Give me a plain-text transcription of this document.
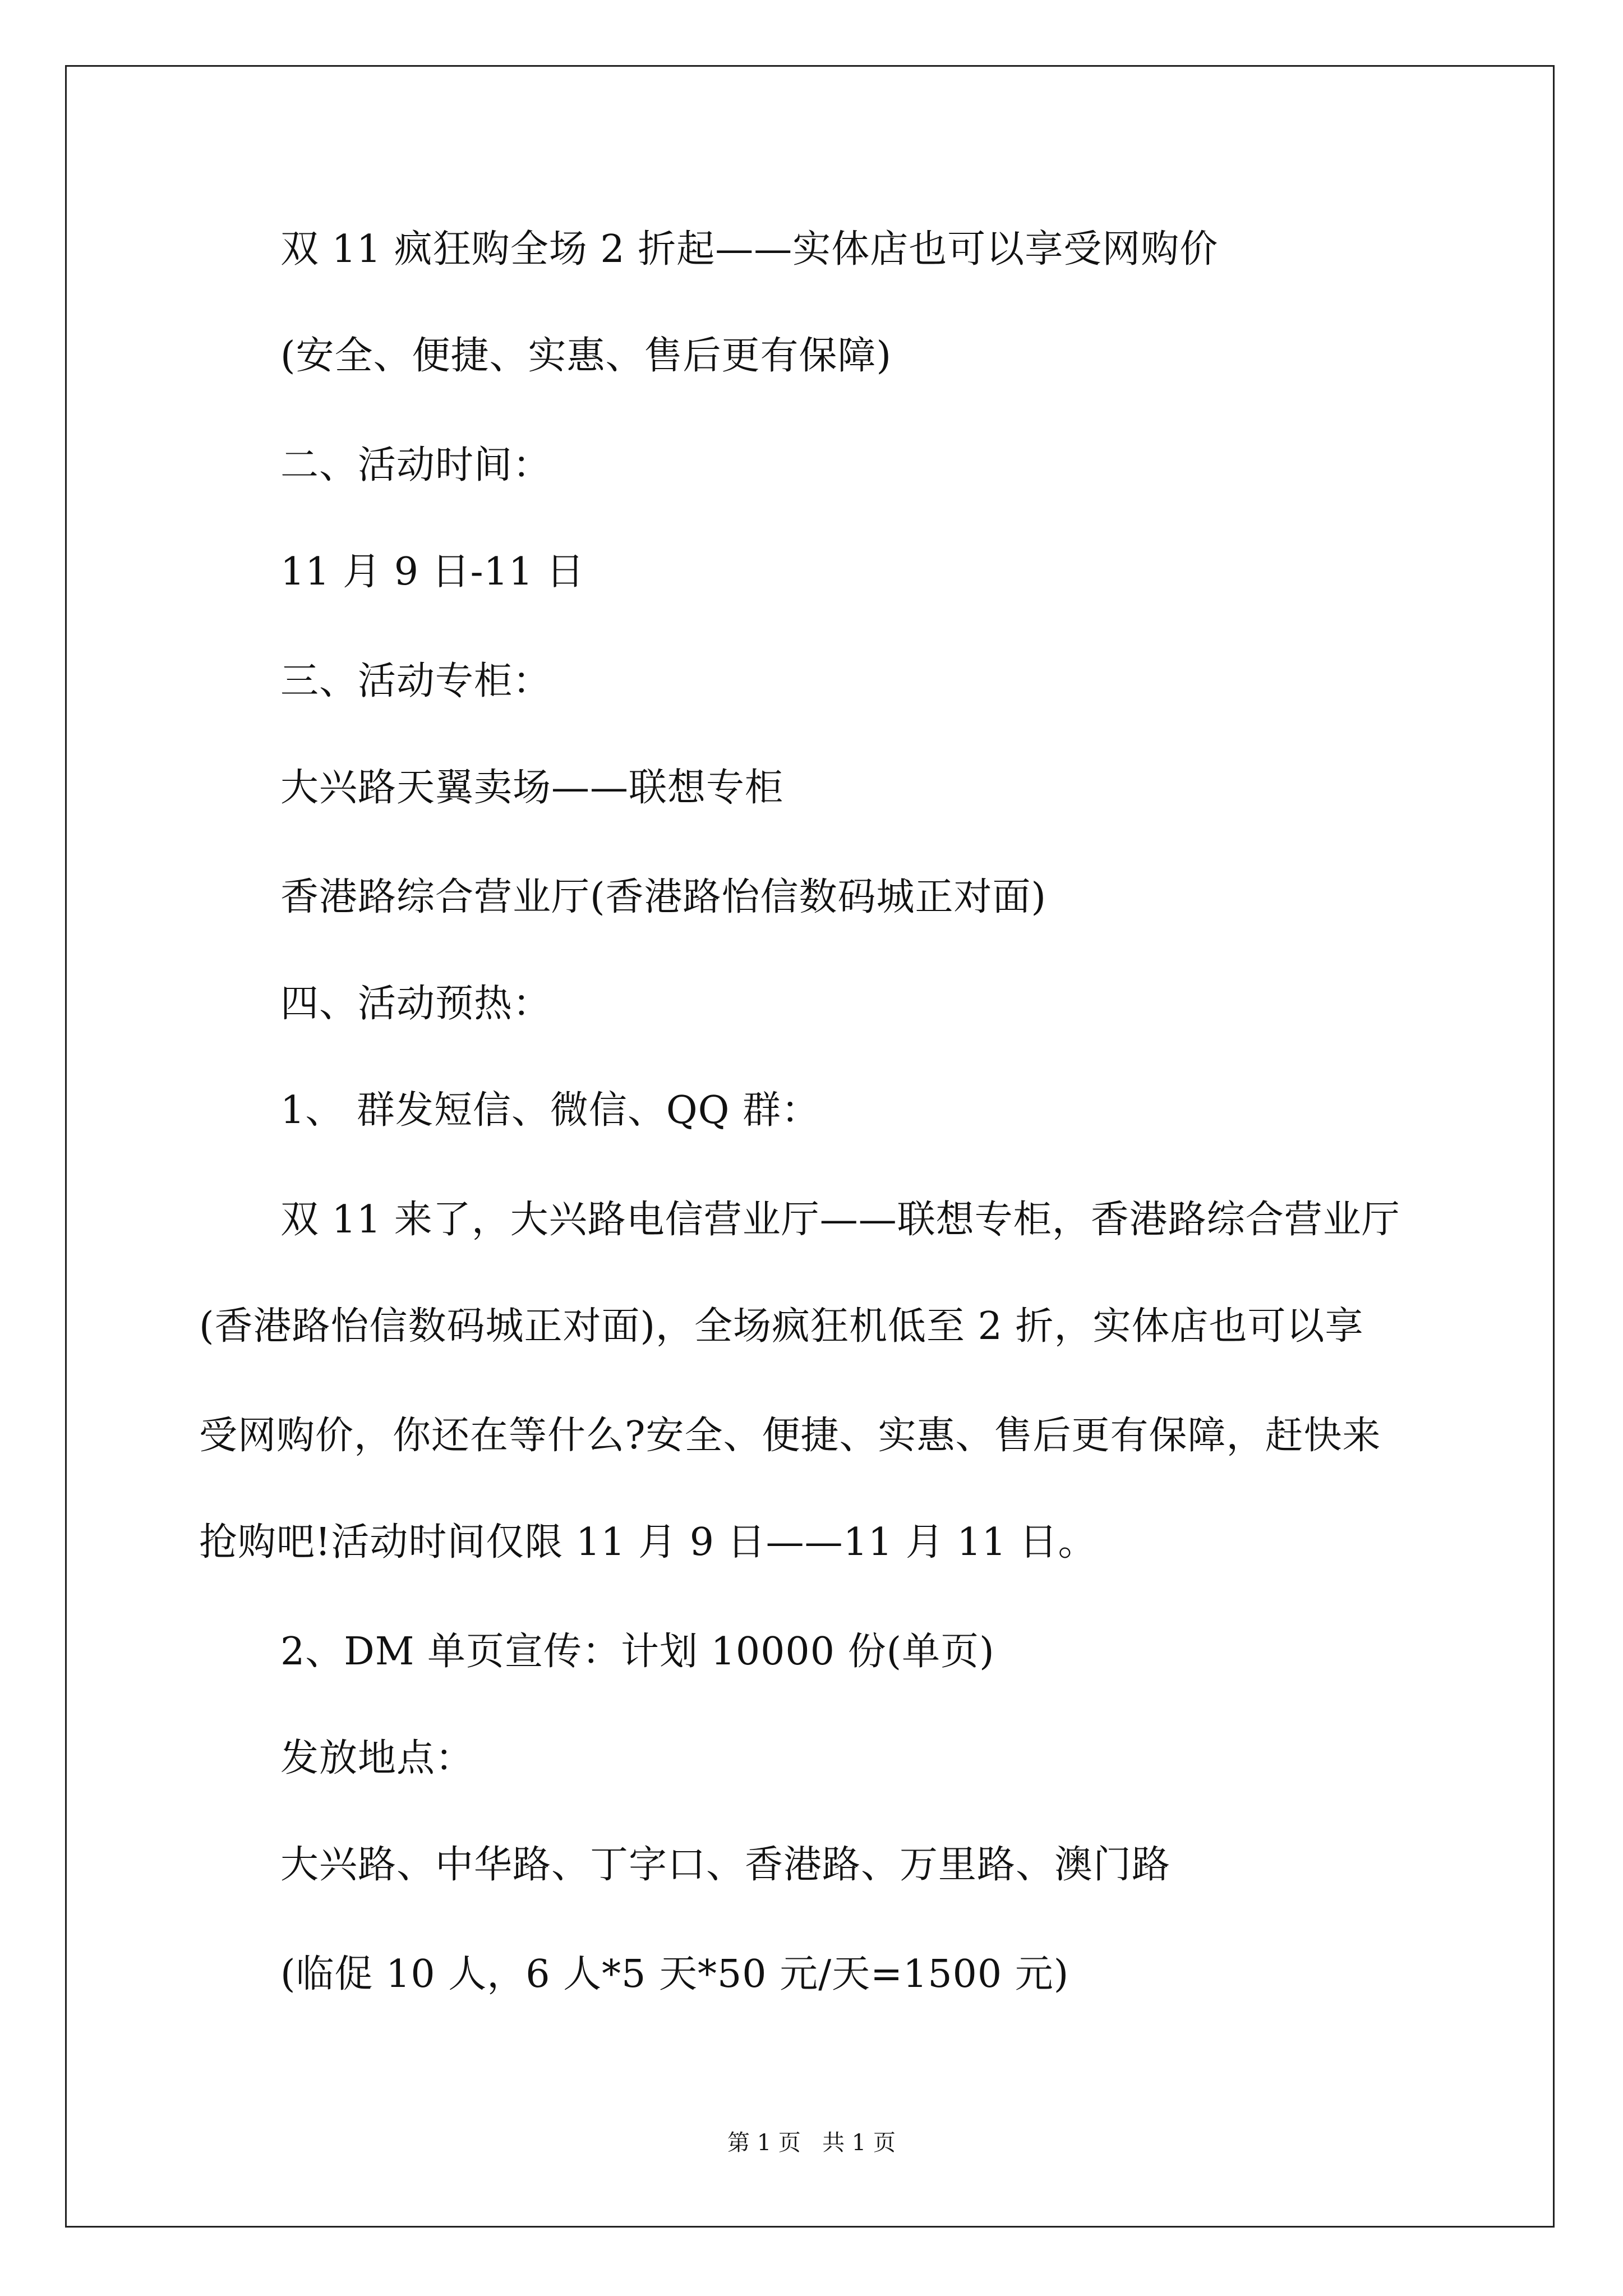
双 11 疯狂购全场 2 折起——实体店也可以享受网购价
(安全、便捷、实惠、售后更有保障)
二、活动时间：
11 月 9 日-11 日
三、活动专柜：
大兴路天翼卖场——联想专柜
香港路综合营业厅(香港路怡信数码城正对面)
四、活动预热：
1、 群发短信、微信、QQ 群：
双 11 来了，大兴路电信营业厅——联想专柜，香港路综合营业厅
(香港路怡信数码城正对面)，全场疯狂机低至 2 折，实体店也可以享
受网购价，你还在等什么?安全、便捷、实惠、售后更有保障，赶快来
抢购吧!活动时间仅限 11 月 9 日——11 月 11 日。
2、DM 单页宣传：计划 10000 份(单页)
发放地点：
大兴路、中华路、丁字口、香港路、万里路、澳门路
(临促 10 人，6 人*5 天*50 元/天=1500 元)
第 1 页   共 1 页
